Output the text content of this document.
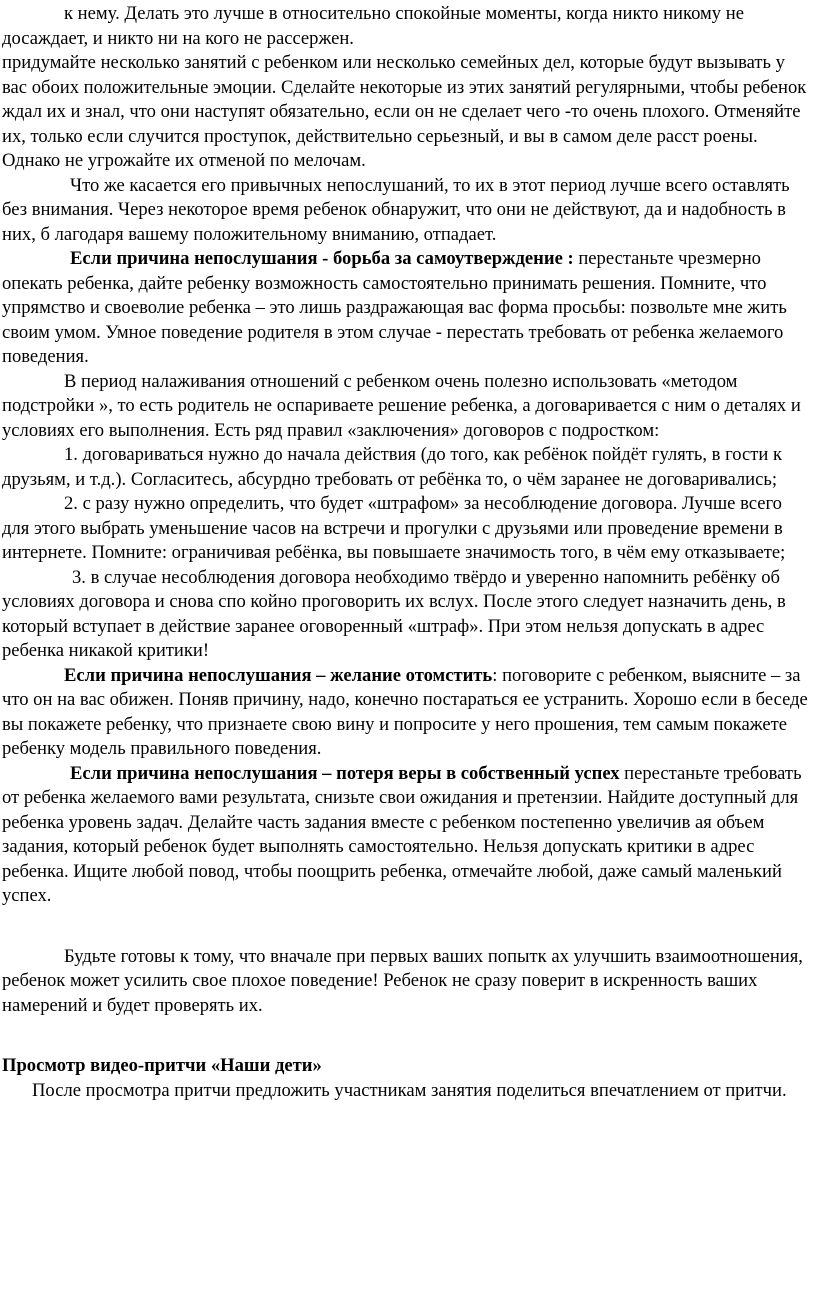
к нему. Делать это лучше в относительно спокойные моменты, когда никто никому не досаждает, и никто ни на кого не рассержен.

придумайте несколько занятий с ребенком или несколько семейных дел, которые будут вызывать у вас обоих положительные эмоции. Сделайте некоторые из этих занятий регулярными, чтобы ребенок ждал их и знал, что они наступят обязательно, если он не сделает чего -то очень плохого. Отменяйте их, только если случится проступок, действительно серьезный, и вы в самом деле расст роены. Однако не угрожайте их отменой по мелочам.

Что же касается его привычных непослушаний, то их в этот период лучше всего оставлять без внимания. Через некоторое время ребенок обнаружит, что они не действуют, да и надобность в них, б лагодаря вашему положительному вниманию, отпадает.

Если причина непослушания - борьба за самоутверждение : перестаньте чрезмерно опекать ребенка, дайте ребенку возможность самостоятельно принимать решения. Помните, что упрямство и своеволие ребенка – это лишь раздражающая вас форма просьбы: позвольте мне жить своим умом. Умное поведение родителя в этом случае - перестать требовать от ребенка желаемого поведения.

В период налаживания отношений с ребенком очень полезно использовать «методом подстройки », то есть родитель не оспариваете решение ребенка, а договаривается с ним о деталях и условиях его выполнения. Есть ряд правил «заключения» договоров с подростком:

1. договариваться нужно до начала действия (до того, как ребёнок пойдёт гулять, в гости к друзьям, и т.д.). Согласитесь, абсурдно требовать от ребёнка то, о чём заранее не договаривались;

2. с разу нужно определить, что будет «штрафом» за несоблюдение договора. Лучше всего для этого выбрать уменьшение часов на встречи и прогулки с друзьями или проведение времени в интернете. Помните: ограничивая ребёнка, вы повышаете значимость того, в чём ему отказываете;

3. в случае несоблюдения договора необходимо твёрдо и уверенно напомнить ребёнку об условиях договора и снова спо койно проговорить их вслух. После этого следует назначить день, в который вступает в действие заранее оговоренный «штраф». При этом нельзя допускать в адрес ребенка никакой критики!

Если причина непослушания – желание отомстить: поговорите с ребенком, выясните – за что он на вас обижен. Поняв причину, надо, конечно постараться ее устранить. Хорошо если в беседе вы покажете ребенку, что признаете свою вину и попросите у него прошения, тем самым покажете ребенку модель правильного поведения.

Если причина непослушания – потеря веры в собственный успех перестаньте требовать от ребенка желаемого вами результата, снизьте свои ожидания и претензии. Найдите доступный для ребенка уровень задач. Делайте часть задания вместе с ребенком постепенно увеличив ая объем задания, который ребенок будет выполнять самостоятельно. Нельзя допускать критики в адрес ребенка. Ищите любой повод, чтобы поощрить ребенка, отмечайте любой, даже самый маленький успех.

Будьте готовы к тому, что вначале при первых ваших попытк ах улучшить взаимоотношения, ребенок может усилить свое плохое поведение! Ребенок не сразу поверит в искренность ваших намерений и будет проверять их.

Просмотр видео-притчи «Наши дети»

После просмотра притчи предложить участникам занятия поделиться впечатлением от притчи.
